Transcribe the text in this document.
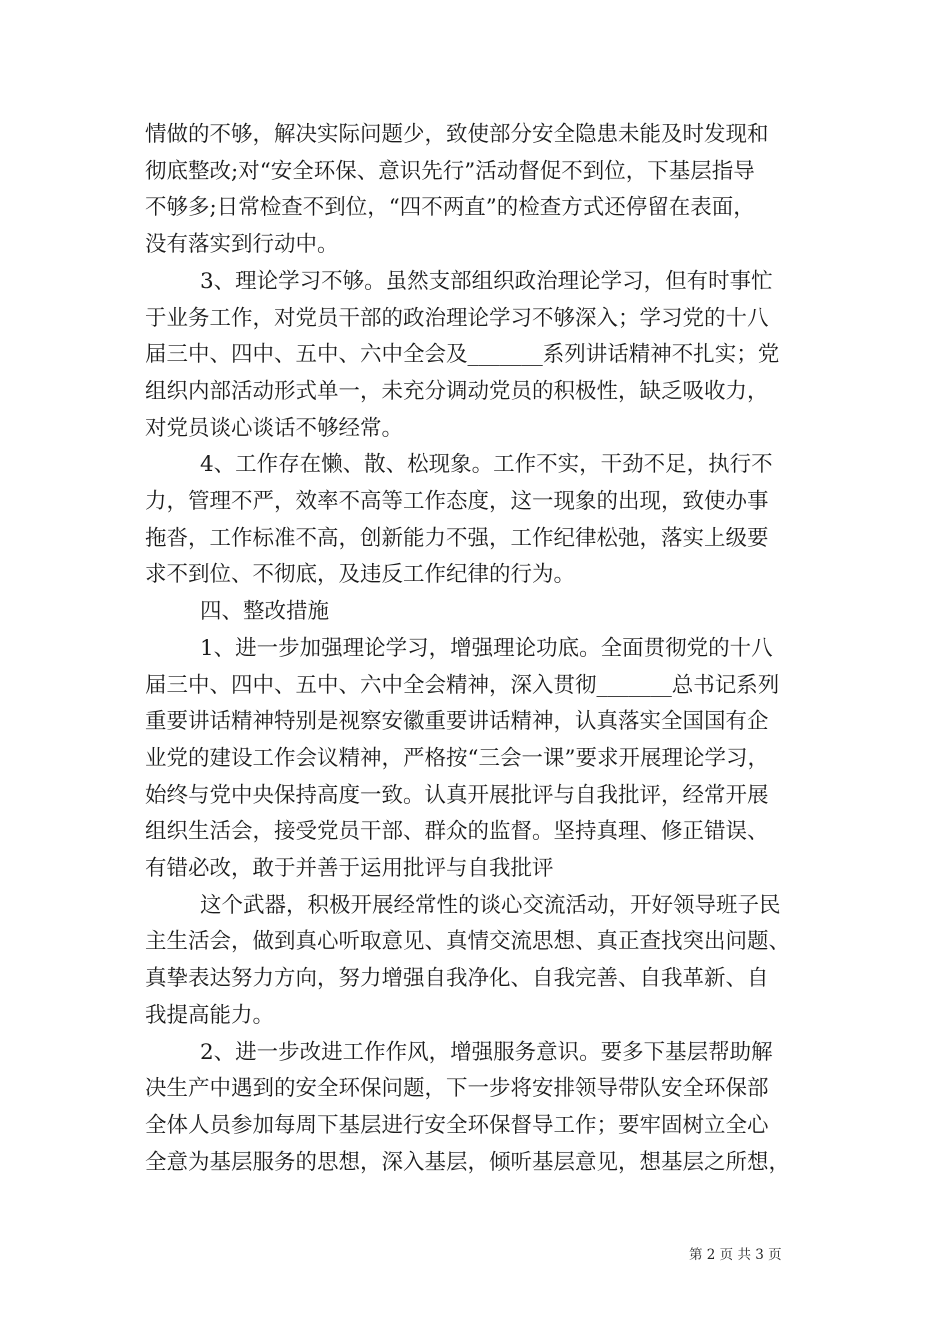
情做的不够，解决实际问题少，致使部分安全隐患未能及时发现和
彻底整改;对“安全环保、意识先行”活动督促不到位，下基层指导
不够多;日常检查不到位，“四不两直”的检查方式还停留在表面，
没有落实到行动中。

3、理论学习不够。虽然支部组织政治理论学习，但有时事忙
于业务工作，对党员干部的政治理论学习不够深入；学习党的十八
届三中、四中、五中、六中全会及_______系列讲话精神不扎实；党
组织内部活动形式单一，未充分调动党员的积极性，缺乏吸收力，
对党员谈心谈话不够经常。

4、工作存在懒、散、松现象。工作不实，干劲不足，执行不
力，管理不严，效率不高等工作态度，这一现象的出现，致使办事
拖沓，工作标准不高，创新能力不强，工作纪律松弛，落实上级要
求不到位、不彻底，及违反工作纪律的行为。

四、整改措施

1、进一步加强理论学习，增强理论功底。全面贯彻党的十八
届三中、四中、五中、六中全会精神，深入贯彻_______总书记系列
重要讲话精神特别是视察安徽重要讲话精神，认真落实全国国有企
业党的建设工作会议精神，严格按“三会一课”要求开展理论学习，
始终与党中央保持高度一致。认真开展批评与自我批评，经常开展
组织生活会，接受党员干部、群众的监督。坚持真理、修正错误、
有错必改，敢于并善于运用批评与自我批评

这个武器，积极开展经常性的谈心交流活动，开好领导班子民
主生活会，做到真心听取意见、真情交流思想、真正查找突出问题、
真挚表达努力方向，努力增强自我净化、自我完善、自我革新、自
我提高能力。

2、进一步改进工作作风，增强服务意识。要多下基层帮助解
决生产中遇到的安全环保问题，下一步将安排领导带队安全环保部
全体人员参加每周下基层进行安全环保督导工作；要牢固树立全心
全意为基层服务的思想，深入基层，倾听基层意见，想基层之所想，

第 2 页 共 3 页
